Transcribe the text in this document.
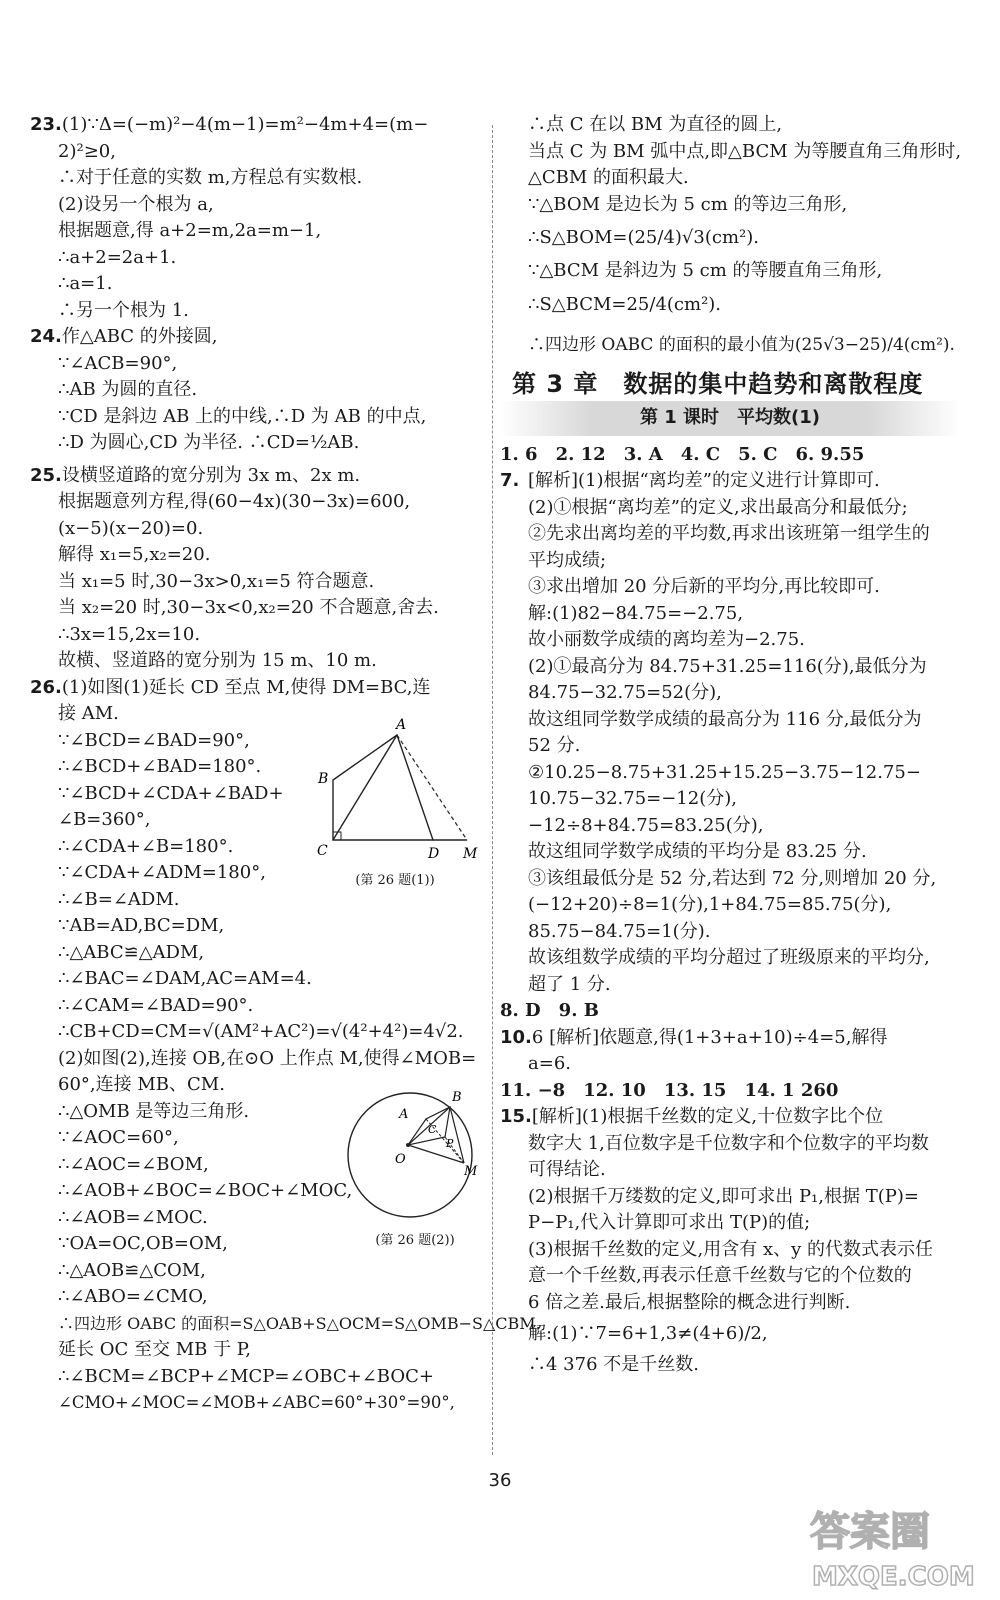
23.(1)∵Δ=(−m)²−4(m−1)=m²−4m+4=(m−
2)²≥0,
∴对于任意的实数 m,方程总有实数根.
(2)设另一个根为 a,
根据题意,得 a+2=m,2a=m−1,
∴a+2=2a+1.
∴a=1.
∴另一个根为 1.
24.作△ABC 的外接圆,
∵∠ACB=90°,
∴AB 为圆的直径.
∵CD 是斜边 AB 上的中线,∴D 为 AB 的中点,
∴D 为圆心,CD 为半径. ∴CD=½AB.
25.设横竖道路的宽分别为 3x m、2x m.
根据题意列方程,得(60−4x)(30−3x)=600,
(x−5)(x−20)=0.
解得 x₁=5,x₂=20.
当 x₁=5 时,30−3x>0,x₁=5 符合题意.
当 x₂=20 时,30−3x<0,x₂=20 不合题意,舍去.
∴3x=15,2x=10.
故横、竖道路的宽分别为 15 m、10 m.
26.(1)如图(1)延长 CD 至点 M,使得 DM=BC,连
接 AM.
∵∠BCD=∠BAD=90°,
∴∠BCD+∠BAD=180°.
∵∠BCD+∠CDA+∠BAD+
∠B=360°,
∴∠CDA+∠B=180°.
∵∠CDA+∠ADM=180°,
∴∠B=∠ADM.
∵AB=AD,BC=DM,
∴△ABC≌△ADM,
∴∠BAC=∠DAM,AC=AM=4.
∴∠CAM=∠BAD=90°.
∴CB+CD=CM=√(AM²+AC²)=√(4²+4²)=4√2.
(2)如图(2),连接 OB,在⊙O 上作点 M,使得∠MOB=
60°,连接 MB、CM.
∴△OMB 是等边三角形.
∵∠AOC=60°,
∴∠AOC=∠BOM,
∴∠AOB+∠BOC=∠BOC+∠MOC,
∴∠AOB=∠MOC.
∵OA=OC,OB=OM,
∴△AOB≌△COM,
∴∠ABO=∠CMO,
∴四边形 OABC 的面积=S△OAB+S△OCM=S△OMB−S△CBM.
延长 OC 至交 MB 于 P,
∴∠BCM=∠BCP+∠MCP=∠OBC+∠BOC+
∠CMO+∠MOC=∠MOB+∠ABC=60°+30°=90°,
A
B
C	D M
(第 26 题(1))
A
B
C
O
P
M
(第 26 题(2))
∴点 C 在以 BM 为直径的圆上,
当点 C 为 BM 弧中点,即△BCM 为等腰直角三角形时,
△CBM 的面积最大.
∵△BOM 是边长为 5 cm 的等边三角形,
∴S△BOM=(25/4)√3(cm²).
∵△BCM 是斜边为 5 cm 的等腰直角三角形,
∴S△BCM=25/4(cm²).
∴四边形 OABC 的面积的最小值为(25√3−25)/4(cm²).
第 3 章　数据的集中趋势和离散程度
第 1 课时　平均数(1)
1. 6　2. 12　3. A　4. C　5. C　6. 9.55
7. [解析](1)根据“离均差”的定义进行计算即可.
(2)①根据“离均差”的定义,求出最高分和最低分;
②先求出离均差的平均数,再求出该班第一组学生的
平均成绩;
③求出增加 20 分后新的平均分,再比较即可.
解:(1)82−84.75=−2.75,
故小丽数学成绩的离均差为−2.75.
(2)①最高分为 84.75+31.25=116(分),最低分为
84.75−32.75=52(分),
故这组同学数学成绩的最高分为 116 分,最低分为
52 分.
②10.25−8.75+31.25+15.25−3.75−12.75−
10.75−32.75=−12(分),
−12÷8+84.75=83.25(分),
故这组同学数学成绩的平均分是 83.25 分.
③该组最低分是 52 分,若达到 72 分,则增加 20 分,
(−12+20)÷8=1(分),1+84.75=85.75(分),
85.75−84.75=1(分).
故该组数学成绩的平均分超过了班级原来的平均分,
超了 1 分.
8. D　9. B
10.6 [解析]依题意,得(1+3+a+10)÷4=5,解得
a=6.
11. −8　12. 10　13. 15　14. 1 260
15.[解析](1)根据千丝数的定义,十位数字比个位
数字大 1,百位数字是千位数字和个位数字的平均数
可得结论.
(2)根据千万缕数的定义,即可求出 P₁,根据 T(P)=
P−P₁,代入计算即可求出 T(P)的值;
(3)根据千丝数的定义,用含有 x、y 的代数式表示任
意一个千丝数,再表示任意千丝数与它的个位数的
6 倍之差.最后,根据整除的概念进行判断.
解:(1)∵7=6+1,3≠(4+6)/2,
∴4 376 不是千丝数.
36
答案圈
MXQE.COM
